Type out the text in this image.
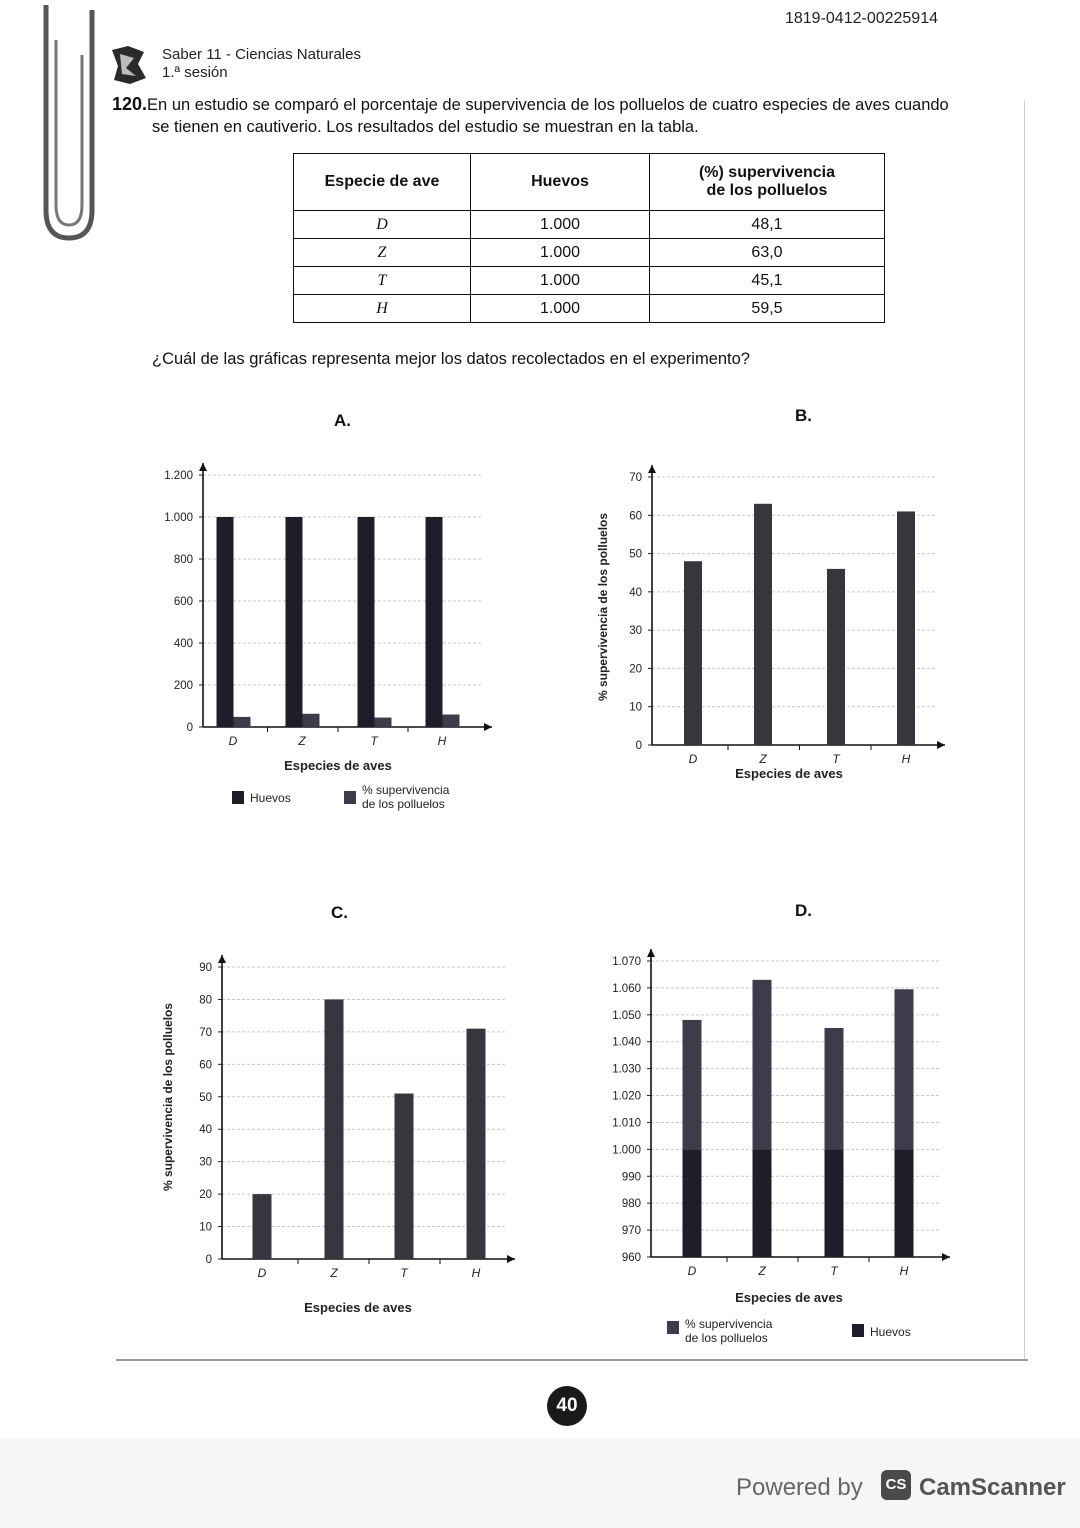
1819-0412-00225914
Saber 11 - Ciencias Naturales
1.ª sesión
120.En un estudio se comparó el porcentaje de supervivencia de los polluelos de cuatro especies de aves cuando
se tienen en cautiverio. Los resultados del estudio se muestran en la tabla.
Especie de ave	Huevos	(%) supervivencia
de los polluelos

D	1.000	48,1
Z	1.000	63,0
T	1.000	45,1
H	1.000	59,5
¿Cuál de las gráficas representa mejor los datos recolectados en el experimento?
A.	B.
C.	D.
0
200
400
600
800
1.000
1.200
D	Z	T	H
Especies de aves
Huevos
% supervivencia
de los polluelos
0
10
20
30
40
50
60
70
D	Z	T	H
Especies de aves
% supervivencia de los polluelos
0
10
20
30
40
50
60
70
80
90
D	Z	T	H
Especies de aves
% supervivencia de los polluelos
960
970
980
990
1.000
1.010
1.020
1.030
1.040
1.050
1.060
1.070
D	Z	T	H
Especies de aves
% supervivencia
de los polluelos	Huevos
40
Powered by	CS CamScanner
